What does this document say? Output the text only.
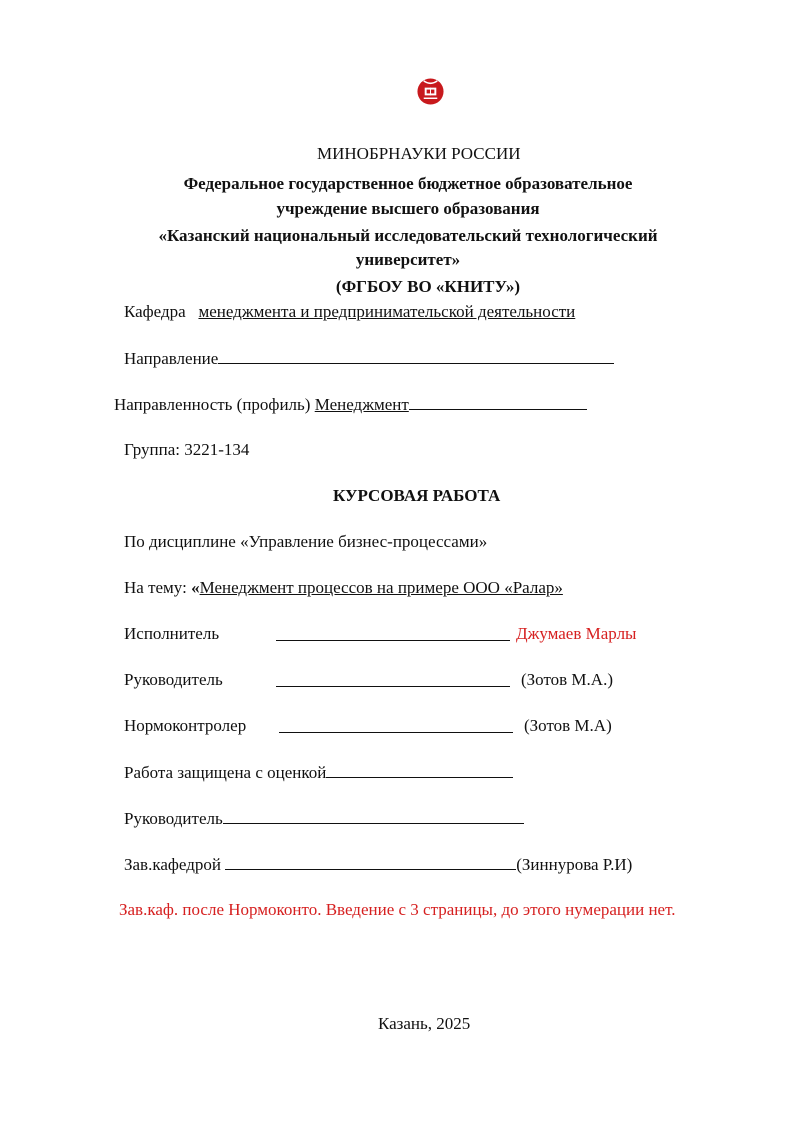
МИНОБРНАУКИ РОССИИ
Федеральное государственное бюджетное образовательное
учреждение высшего образования
«Казанский национальный исследовательский технологический
университет»
(ФГБОУ ВО «КНИТУ»)
Кафедра менеджмента и предпринимательской деятельности
Направление
Направленность (профиль) Менеджмент
Группа: 3221-134
КУРСОВАЯ РАБОТА
По дисциплине «Управление бизнес-процессами»
На тему: «Менеджмент процессов на примере ООО «Ралар»
Исполнитель	Джумаев Марлы
Руководитель	(Зотов М.А.)
Нормоконтролер	(Зотов М.А)
Работа защищена с оценкой
Руководитель
Зав.кафедрой	(Зиннурова Р.И)
Зав.каф. после Нормоконто. Введение с 3 страницы, до этого нумерации нет.
Казань, 2025
